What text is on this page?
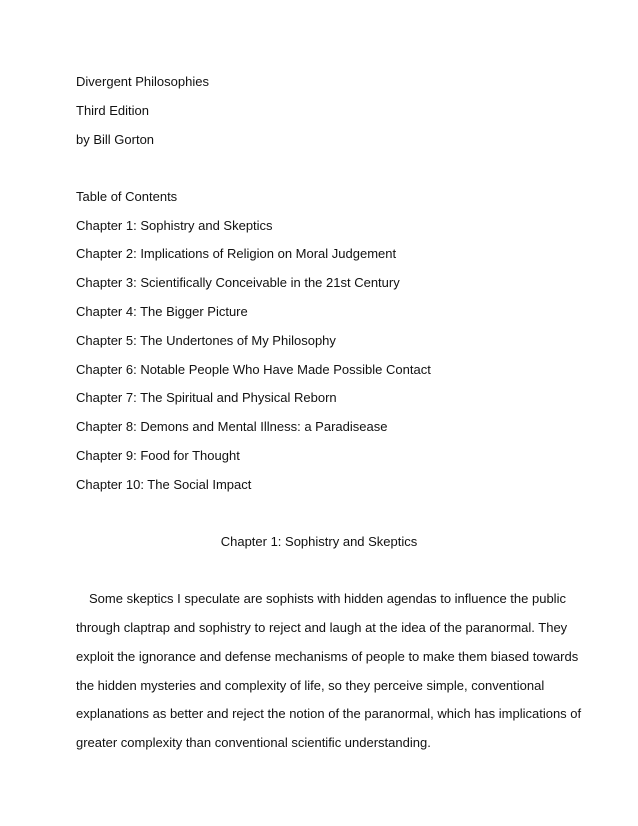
Divergent Philosophies
Third Edition
by Bill Gorton
Table of Contents
Chapter 1: Sophistry and Skeptics
Chapter 2: Implications of Religion on Moral Judgement
Chapter 3: Scientifically Conceivable in the 21st Century
Chapter 4: The Bigger Picture
Chapter 5: The Undertones of My Philosophy
Chapter 6: Notable People Who Have Made Possible Contact
Chapter 7: The Spiritual and Physical Reborn
Chapter 8: Demons and Mental Illness: a Paradisease
Chapter 9: Food for Thought
Chapter 10: The Social Impact
Chapter 1: Sophistry and Skeptics
Some skeptics I speculate are sophists with hidden agendas to influence the public
through claptrap and sophistry to reject and laugh at the idea of the paranormal. They
exploit the ignorance and defense mechanisms of people to make them biased towards
the hidden mysteries and complexity of life, so they perceive simple, conventional
explanations as better and reject the notion of the paranormal, which has implications of
greater complexity than conventional scientific understanding.
